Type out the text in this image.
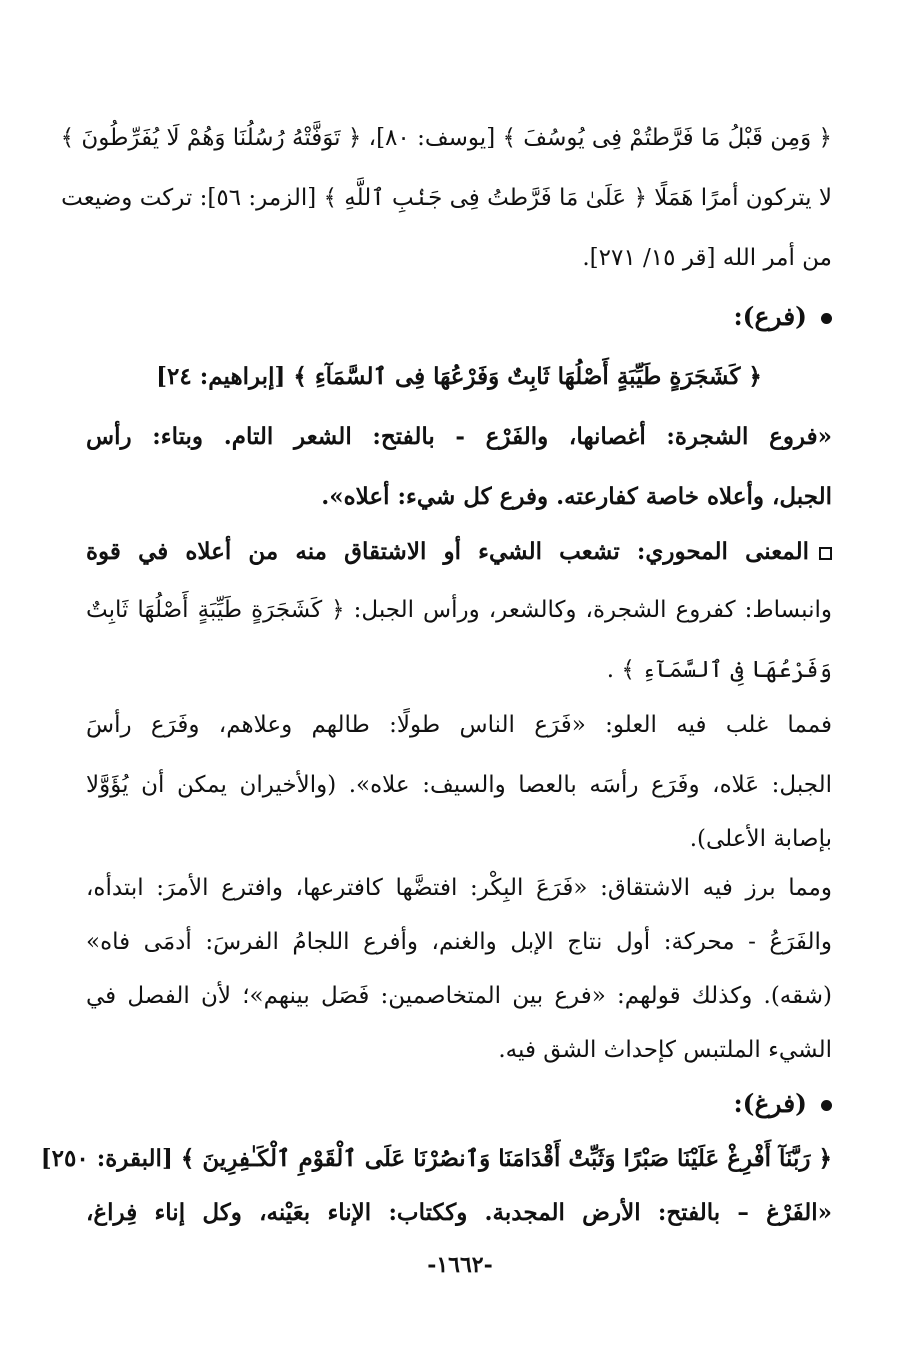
﴿ وَمِن قَبْلُ مَا فَرَّطتُمْ فِى يُوسُفَ ﴾ [يوسف: ٨٠]، ﴿ تَوَفَّتْهُ رُسُلُنَا وَهُمْ لَا يُفَرِّطُونَ ﴾
لا يتركون أمرًا هَمَلًا ﴿ عَلَىٰ مَا فَرَّطتُ فِى جَنۢبِ ٱللَّهِ ﴾ [الزمر: ٥٦]: تركت وضيعت
من أمر الله [قر ١٥/ ٢٧١].
(فرع):
﴿ كَشَجَرَةٍ طَيِّبَةٍ أَصْلُهَا ثَابِتٌ وَفَرْعُهَا فِى ٱلسَّمَآءِ ﴾ [إبراهيم: ٢٤]
«فروع الشجرة: أغصانها، والفَرْع - بالفتح: الشعر التام. وبتاء: رأس
الجبل، وأعلاه خاصة كفارعته. وفرع كل شيء: أعلاه».
المعنى المحوري: تشعب الشيء أو الاشتقاق منه من أعلاه في قوة
وانبساط: كفروع الشجرة، وكالشعر، ورأس الجبل: ﴿ كَشَجَرَةٍ طَيِّبَةٍ أَصْلُهَا ثَابِتٌ
وَفَرْعُهَا فِى ٱلسَّمَآءِ ﴾ .
فمما غلب فيه العلو: «فَرَع الناس طولًا: طالهم وعلاهم، وفَرَع رأسَ
الجبل: عَلاه، وفَرَع رأسَه بالعصا والسيف: علاه». (والأخيران يمكن أن يُؤَوَّلا
بإصابة الأعلى).
ومما برز فيه الاشتقاق: «فَرَعَ البِكْر: افتضَّها كافترعها، وافترع الأمرَ: ابتدأه،
والفَرَعُ - محركة: أول نتاج الإبل والغنم، وأفرع اللجامُ الفرسَ: أدمَى فاه»
(شقه). وكذلك قولهم: «فرع بين المتخاصمين: فَصَل بينهم»؛ لأن الفصل في
الشيء الملتبس كإحداث الشق فيه.
(فرغ):
﴿ رَبَّنَآ أَفْرِغْ عَلَيْنَا صَبْرًا وَثَبِّتْ أَقْدَامَنَا وَٱنصُرْنَا عَلَى ٱلْقَوْمِ ٱلْكَـٰفِرِينَ ﴾ [البقرة: ٢٥٠]
«الفَرْغ – بالفتح: الأرض المجدبة. وككتاب: الإناء بعَيْنه، وكل إناء فِراغ،
-١٦٦٢-
